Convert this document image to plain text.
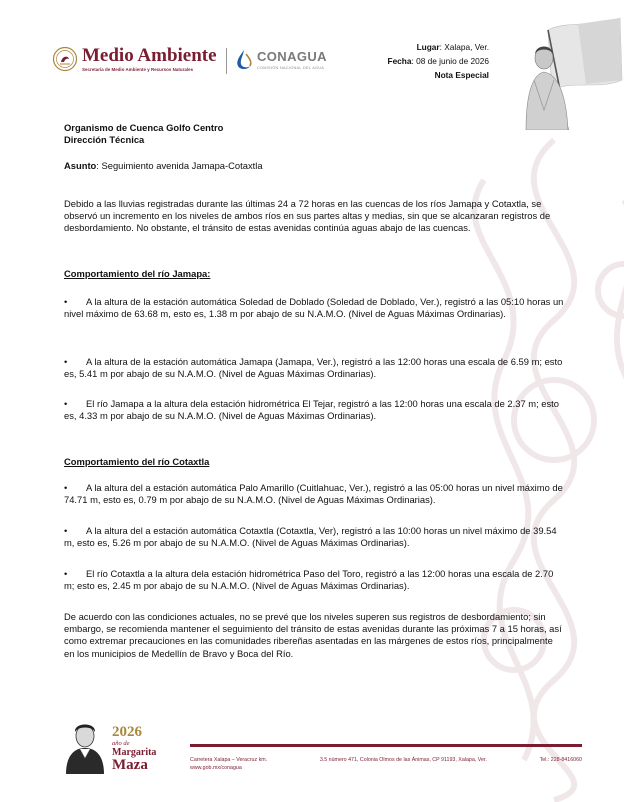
Medio Ambiente
Secretaría de Medio Ambiente y Recursos Naturales
CONAGUA
COMISIÓN NACIONAL DEL AGUA
Lugar: Xalapa, Ver.
Fecha: 08 de junio de 2026
Nota Especial
Organismo de Cuenca Golfo Centro
Dirección Técnica
Asunto: Seguimiento avenida Jamapa-Cotaxtla
Debido a las lluvias registradas durante las últimas 24 a 72 horas en las cuencas de los ríos Jamapa y Cotaxtla, se observó un incremento en los niveles de ambos ríos en sus partes altas y medias, sin que se alcanzaran registros de desbordamiento. No obstante, el tránsito de estas avenidas continúa aguas abajo de las cuencas.
Comportamiento del río Jamapa:
• A la altura de la estación automática Soledad de Doblado (Soledad de Doblado, Ver.), registró a las 05:10 horas un nivel máximo de 63.68 m, esto es, 1.38 m por abajo de su N.A.M.O. (Nivel de Aguas Máximas Ordinarias).
• A la altura de la estación automática Jamapa (Jamapa, Ver.), registró a las 12:00 horas una escala de 6.59 m; esto es, 5.41 m por abajo de su N.A.M.O. (Nivel de Aguas Máximas Ordinarias).
• El río Jamapa a la altura dela estación hidrométrica El Tejar, registró a las 12:00 horas una escala de 2.37 m; esto es, 4.33 m por abajo de su N.A.M.O. (Nivel de Aguas Máximas Ordinarias).
Comportamiento del río Cotaxtla
• A la altura del a estación automática Palo Amarillo (Cuitlahuac, Ver.), registró a las 05:00 horas un nivel máximo de 74.71 m, esto es, 0.79 m por abajo de su N.A.M.O. (Nivel de Aguas Máximas Ordinarias).
• A la altura del a estación automática Cotaxtla (Cotaxtla, Ver), registró a las 10:00 horas un nivel máximo de 39.54 m, esto es, 5.26 m por abajo de su N.A.M.O. (Nivel de Aguas Máximas Ordinarias).
• El río Cotaxtla a la altura dela estación hidrométrica Paso del Toro, registró a las 12:00 horas una escala de 2.70 m; esto es, 2.45 m por abajo de su N.A.M.O. (Nivel de Aguas Máximas Ordinarias).
De acuerdo con las condiciones actuales, no se prevé que los niveles superen sus registros de desbordamiento; sin embargo, se recomienda mantener el seguimiento del tránsito de estas avenidas durante las próximas 7 a 15 horas, así como extremar precauciones en las comunidades ribereñas asentadas en las márgenes de estos ríos, principalmente en los municipios de Medellín de Bravo y Boca del Río.
2026
año de
Margarita
Maza	Carretera Xalapa – Veracruz km.	3.5 número 471, Colonia Olmos de las Ánimas, CP 91193, Xalapa, Ver.	Tel.: 228-8416060
www.gob.mx/conagua
